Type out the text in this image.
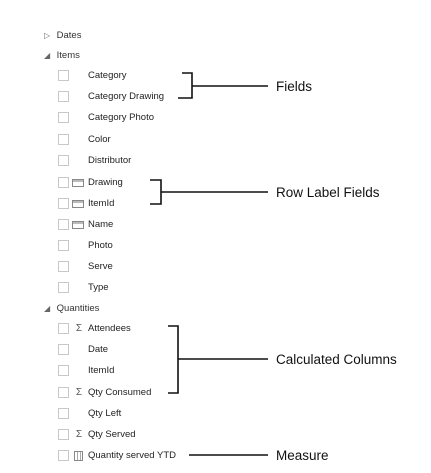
▷ Dates
◢ Items
◢ Quantities
Category
Category Drawing
Category Photo
Color
Distributor
Drawing
ItemId
Name
Photo
Serve
Type
Σ Attendees
Date
ItemId
Σ Qty Consumed
Qty Left
Σ Qty Served
Quantity served YTD
Fields
Row Label Fields
Calculated Columns
Measure
